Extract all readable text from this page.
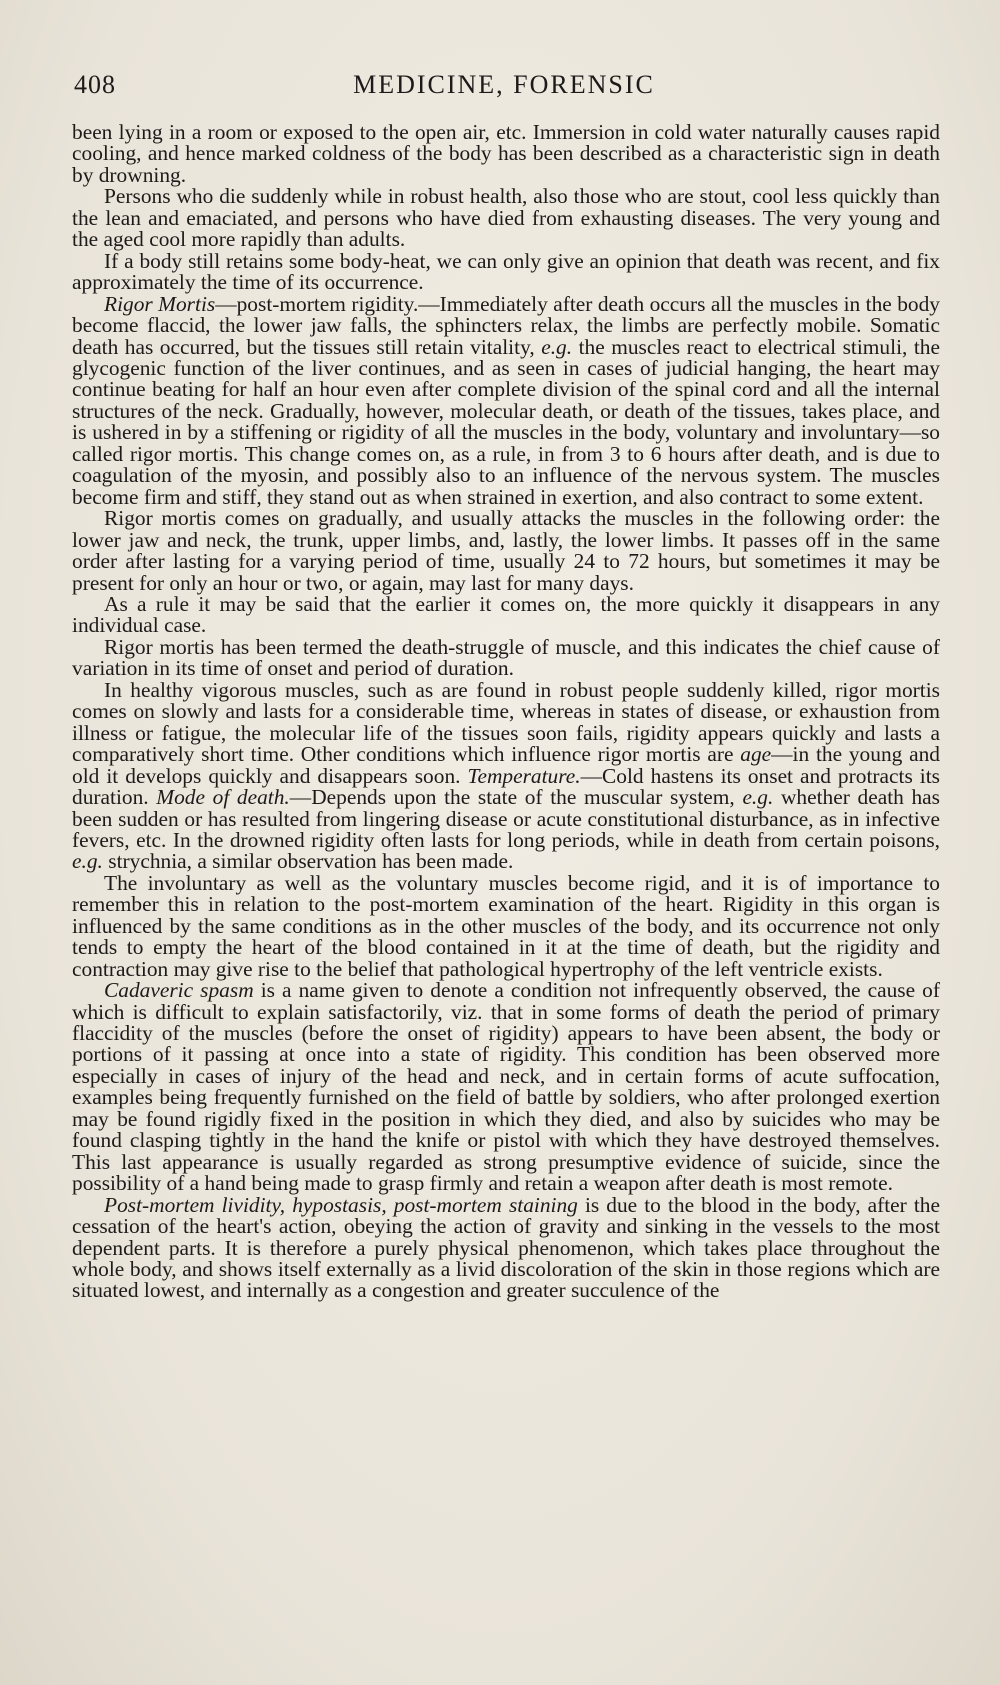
408	MEDICINE, FORENSIC

been lying in a room or exposed to the open air, etc. Immersion in cold water naturally causes rapid cooling, and hence marked coldness of the body has been described as a characteristic sign in death by drowning.

Persons who die suddenly while in robust health, also those who are stout, cool less quickly than the lean and emaciated, and persons who have died from exhausting diseases. The very young and the aged cool more rapidly than adults.

If a body still retains some body-heat, we can only give an opinion that death was recent, and fix approximately the time of its occurrence.

Rigor Mortis—post-mortem rigidity.—Immediately after death occurs all the muscles in the body become flaccid, the lower jaw falls, the sphincters relax, the limbs are perfectly mobile. Somatic death has occurred, but the tissues still retain vitality, e.g. the muscles react to electrical stimuli, the glycogenic function of the liver continues, and as seen in cases of judicial hanging, the heart may continue beating for half an hour even after complete division of the spinal cord and all the internal structures of the neck. Gradually, however, molecular death, or death of the tissues, takes place, and is ushered in by a stiffening or rigidity of all the muscles in the body, voluntary and involuntary—so called rigor mortis. This change comes on, as a rule, in from 3 to 6 hours after death, and is due to coagulation of the myosin, and possibly also to an influence of the nervous system. The muscles become firm and stiff, they stand out as when strained in exertion, and also contract to some extent.

Rigor mortis comes on gradually, and usually attacks the muscles in the following order: the lower jaw and neck, the trunk, upper limbs, and, lastly, the lower limbs. It passes off in the same order after lasting for a varying period of time, usually 24 to 72 hours, but sometimes it may be present for only an hour or two, or again, may last for many days.

As a rule it may be said that the earlier it comes on, the more quickly it disappears in any individual case.

Rigor mortis has been termed the death-struggle of muscle, and this indicates the chief cause of variation in its time of onset and period of duration.

In healthy vigorous muscles, such as are found in robust people suddenly killed, rigor mortis comes on slowly and lasts for a considerable time, whereas in states of disease, or exhaustion from illness or fatigue, the molecular life of the tissues soon fails, rigidity appears quickly and lasts a comparatively short time. Other conditions which influence rigor mortis are age—in the young and old it develops quickly and disappears soon. Temperature.—Cold hastens its onset and protracts its duration. Mode of death.—Depends upon the state of the muscular system, e.g. whether death has been sudden or has resulted from lingering disease or acute constitutional disturbance, as in infective fevers, etc. In the drowned rigidity often lasts for long periods, while in death from certain poisons, e.g. strychnia, a similar observation has been made.

The involuntary as well as the voluntary muscles become rigid, and it is of importance to remember this in relation to the post-mortem examination of the heart. Rigidity in this organ is influenced by the same conditions as in the other muscles of the body, and its occurrence not only tends to empty the heart of the blood contained in it at the time of death, but the rigidity and contraction may give rise to the belief that pathological hypertrophy of the left ventricle exists.

Cadaveric spasm is a name given to denote a condition not infrequently observed, the cause of which is difficult to explain satisfactorily, viz. that in some forms of death the period of primary flaccidity of the muscles (before the onset of rigidity) appears to have been absent, the body or portions of it passing at once into a state of rigidity. This condition has been observed more especially in cases of injury of the head and neck, and in certain forms of acute suffocation, examples being frequently furnished on the field of battle by soldiers, who after prolonged exertion may be found rigidly fixed in the position in which they died, and also by suicides who may be found clasping tightly in the hand the knife or pistol with which they have destroyed themselves. This last appearance is usually regarded as strong presumptive evidence of suicide, since the possibility of a hand being made to grasp firmly and retain a weapon after death is most remote.

Post-mortem lividity, hypostasis, post-mortem staining is due to the blood in the body, after the cessation of the heart's action, obeying the action of gravity and sinking in the vessels to the most dependent parts. It is therefore a purely physical phenomenon, which takes place throughout the whole body, and shows itself externally as a livid discoloration of the skin in those regions which are situated lowest, and internally as a congestion and greater succulence of the
